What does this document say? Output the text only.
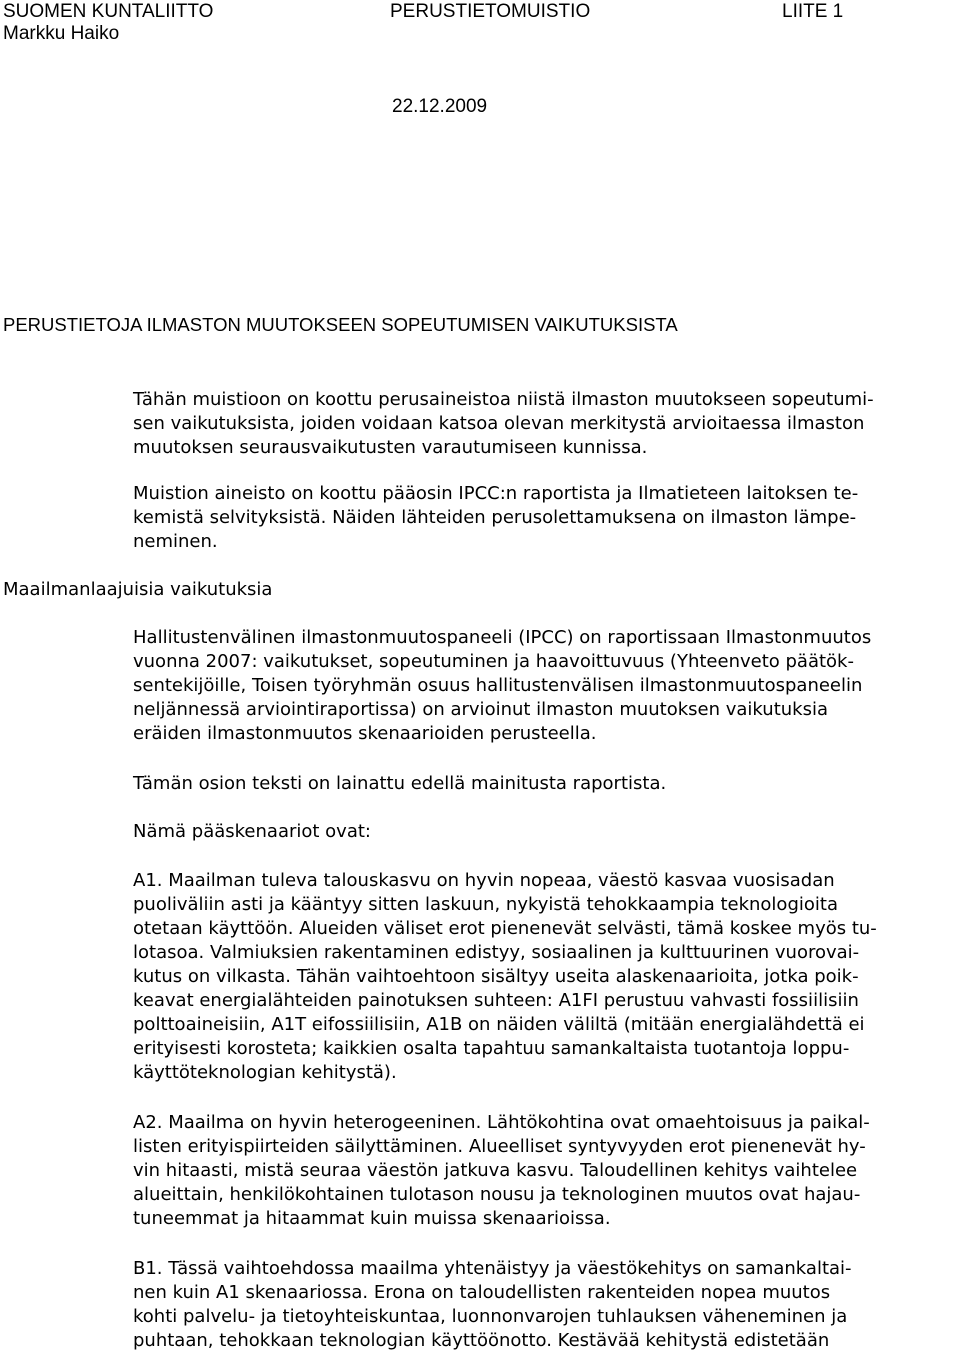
SUOMEN KUNTALIITTO	PERUSTIETOMUISTIO	LIITE 1
Markku Haiko
22.12.2009
PERUSTIETOJA ILMASTON MUUTOKSEEN SOPEUTUMISEN VAIKUTUKSISTA
Tähän muistioon on koottu perusaineistoa niistä ilmaston muutokseen sopeutumi-
sen vaikutuksista, joiden voidaan katsoa olevan merkitystä arvioitaessa ilmaston
muutoksen seurausvaikutusten varautumiseen kunnissa.
Muistion aineisto on koottu pääosin IPCC:n raportista ja Ilmatieteen laitoksen te-
kemistä selvityksistä. Näiden lähteiden perusolettamuksena on ilmaston lämpe-
neminen.
Maailmanlaajuisia vaikutuksia
Hallitustenvälinen ilmastonmuutospaneeli (IPCC) on raportissaan Ilmastonmuutos
vuonna 2007: vaikutukset, sopeutuminen ja haavoittuvuus (Yhteenveto päätök-
sentekijöille, Toisen työryhmän osuus hallitustenvälisen ilmastonmuutospaneelin
neljännessä arviointiraportissa) on arvioinut ilmaston muutoksen vaikutuksia
eräiden ilmastonmuutos skenaarioiden perusteella.
Tämän osion teksti on lainattu edellä mainitusta raportista.
Nämä pääskenaariot ovat:
A1. Maailman tuleva talouskasvu on hyvin nopeaa, väestö kasvaa vuosisadan
puoliväliin asti ja kääntyy sitten laskuun, nykyistä tehokkaampia teknologioita
otetaan käyttöön. Alueiden väliset erot pienenevät selvästi, tämä koskee myös tu-
lotasoa. Valmiuksien rakentaminen edistyy, sosiaalinen ja kulttuurinen vuorovai-
kutus on vilkasta. Tähän vaihtoehtoon sisältyy useita alaskenaarioita, jotka poik-
keavat energialähteiden painotuksen suhteen: A1FI perustuu vahvasti fossiilisiin
polttoaineisiin, A1T eifossiilisiin, A1B on näiden väliltä (mitään energialähdettä ei
erityisesti korosteta; kaikkien osalta tapahtuu samankaltaista tuotantoja loppu-
käyttöteknologian kehitystä).
A2. Maailma on hyvin heterogeeninen. Lähtökohtina ovat omaehtoisuus ja paikal-
listen erityispiirteiden säilyttäminen. Alueelliset syntyvyyden erot pienenevät hy-
vin hitaasti, mistä seuraa väestön jatkuva kasvu. Taloudellinen kehitys vaihtelee
alueittain, henkilökohtainen tulotason nousu ja teknologinen muutos ovat hajau-
tuneemmat ja hitaammat kuin muissa skenaarioissa.
B1. Tässä vaihtoehdossa maailma yhtenäistyy ja väestökehitys on samankaltai-
nen kuin A1 skenaariossa. Erona on taloudellisten rakenteiden nopea muutos
kohti palvelu- ja tietoyhteiskuntaa, luonnonvarojen tuhlauksen väheneminen ja
puhtaan, tehokkaan teknologian käyttöönotto. Kestävää kehitystä edistetään
